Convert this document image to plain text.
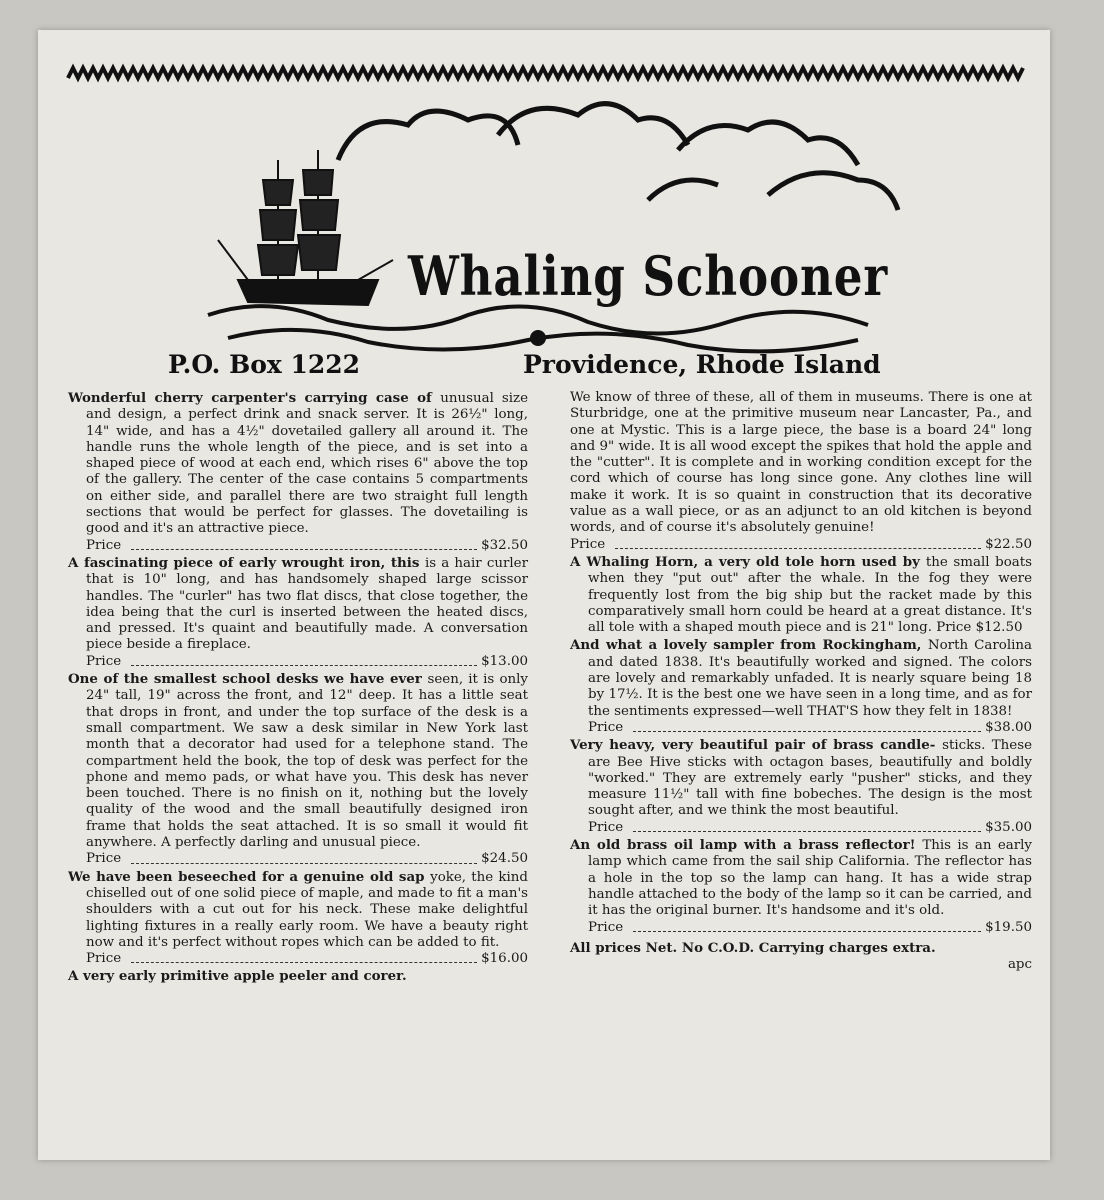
Whaling Schooner
P.O. Box 1222	Providence, Rhode Island
Wonderful cherry carpenter's carrying case of unusual size and design, a perfect drink and snack server. It is 26½" long, 14" wide, and has a 4½" dovetailed gallery all around it. The handle runs the whole length of the piece, and is set into a shaped piece of wood at each end, which rises 6" above the top of the gallery. The center of the case contains 5 compartments on either side, and parallel there are two straight full length sections that would be perfect for glasses. The dovetailing is good and it's an attractive piece.
Price	$32.50
A fascinating piece of early wrought iron, this is a hair curler that is 10" long, and has handsomely shaped large scissor handles. The "curler" has two flat discs, that close together, the idea being that the curl is inserted between the heated discs, and pressed. It's quaint and beautifully made. A conversation piece beside a fireplace.
Price	$13.00
One of the smallest school desks we have ever seen, it is only 24" tall, 19" across the front, and 12" deep. It has a little seat that drops in front, and under the top surface of the desk is a small compartment. We saw a desk similar in New York last month that a decorator had used for a telephone stand. The compartment held the book, the top of desk was perfect for the phone and memo pads, or what have you. This desk has never been touched. There is no finish on it, nothing but the lovely quality of the wood and the small beautifully designed iron frame that holds the seat attached. It is so small it would fit anywhere. A perfectly darling and unusual piece.
Price	$24.50
We have been beseeched for a genuine old sap yoke, the kind chiselled out of one solid piece of maple, and made to fit a man's shoulders with a cut out for his neck. These make delightful lighting fixtures in a really early room. We have a beauty right now and it's perfect without ropes which can be added to fit.
Price	$16.00
A very early primitive apple peeler and corer.
We know of three of these, all of them in museums. There is one at Sturbridge, one at the primitive museum near Lancaster, Pa., and one at Mystic. This is a large piece, the base is a board 24" long and 9" wide. It is all wood except the spikes that hold the apple and the "cutter". It is complete and in working condition except for the cord which of course has long since gone. Any clothes line will make it work. It is so quaint in construction that its decorative value as a wall piece, or as an adjunct to an old kitchen is beyond words, and of course it's absolutely genuine!
Price	$22.50
A Whaling Horn, a very old tole horn used by the small boats when they "put out" after the whale. In the fog they were frequently lost from the big ship but the racket made by this comparatively small horn could be heard at a great distance. It's all tole with a shaped mouth piece and is 21" long. Price $12.50
And what a lovely sampler from Rockingham, North Carolina and dated 1838. It's beautifully worked and signed. The colors are lovely and remarkably unfaded. It is nearly square being 18 by 17½. It is the best one we have seen in a long time, and as for the sentiments expressed—well THAT'S how they felt in 1838!
Price	$38.00
Very heavy, very beautiful pair of brass candle- sticks. These are Bee Hive sticks with octagon bases, beautifully and boldly "worked." They are extremely early "pusher" sticks, and they measure 11½" tall with fine bobeches. The design is the most sought after, and we think the most beautiful.
Price	$35.00
An old brass oil lamp with a brass reflector! This is an early lamp which came from the sail ship California. The reflector has a hole in the top so the lamp can hang. It has a wide strap handle attached to the body of the lamp so it can be carried, and it has the original burner. It's handsome and it's old.
Price	$19.50
All prices Net. No C.O.D. Carrying charges extra.
apc
